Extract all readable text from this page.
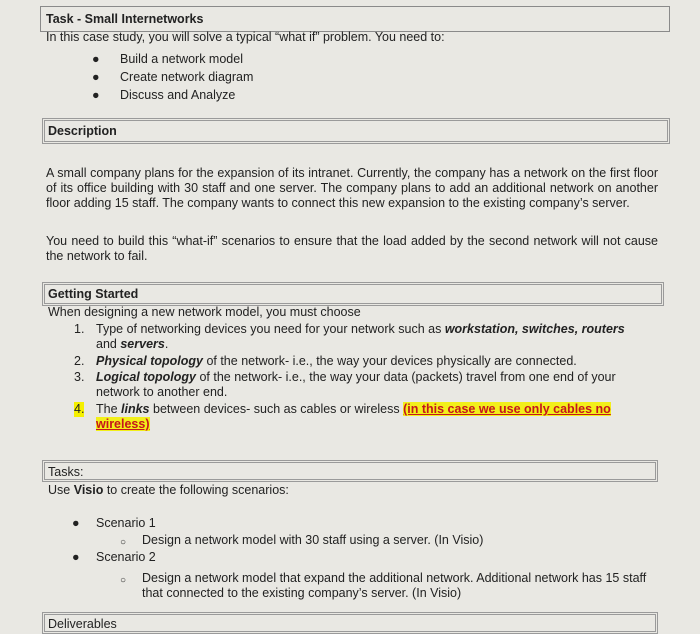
Task - Small Internetworks
In this case study, you will solve a typical “what if” problem. You need to:
● Build a network model
● Create network diagram
● Discuss and Analyze
Description
A small company plans for the expansion of its intranet. Currently, the company has a network on the first floor of its office building with 30 staff and one server. The company plans to add an additional network on another floor adding 15 staff. The company wants to connect this new expansion to the existing company’s server.
You need to build this “what-if” scenarios to ensure that the load added by the second network will not cause the network to fail.
Getting Started
When designing a new network model, you must choose
1. Type of networking devices you need for your network such as workstation, switches, routers and servers.
2. Physical topology of the network- i.e., the way your devices physically are connected.
3. Logical topology of the network- i.e., the way your data (packets) travel from one end of your network to another end.
4. The links between devices- such as cables or wireless (in this case we use only cables no wireless)
Tasks:
Use Visio to create the following scenarios:
● Scenario 1
○ Design a network model with 30 staff using a server. (In Visio)
● Scenario 2
○ Design a network model that expand the additional network. Additional network has 15 staff that connected to the existing company’s server. (In Visio)
Deliverables
